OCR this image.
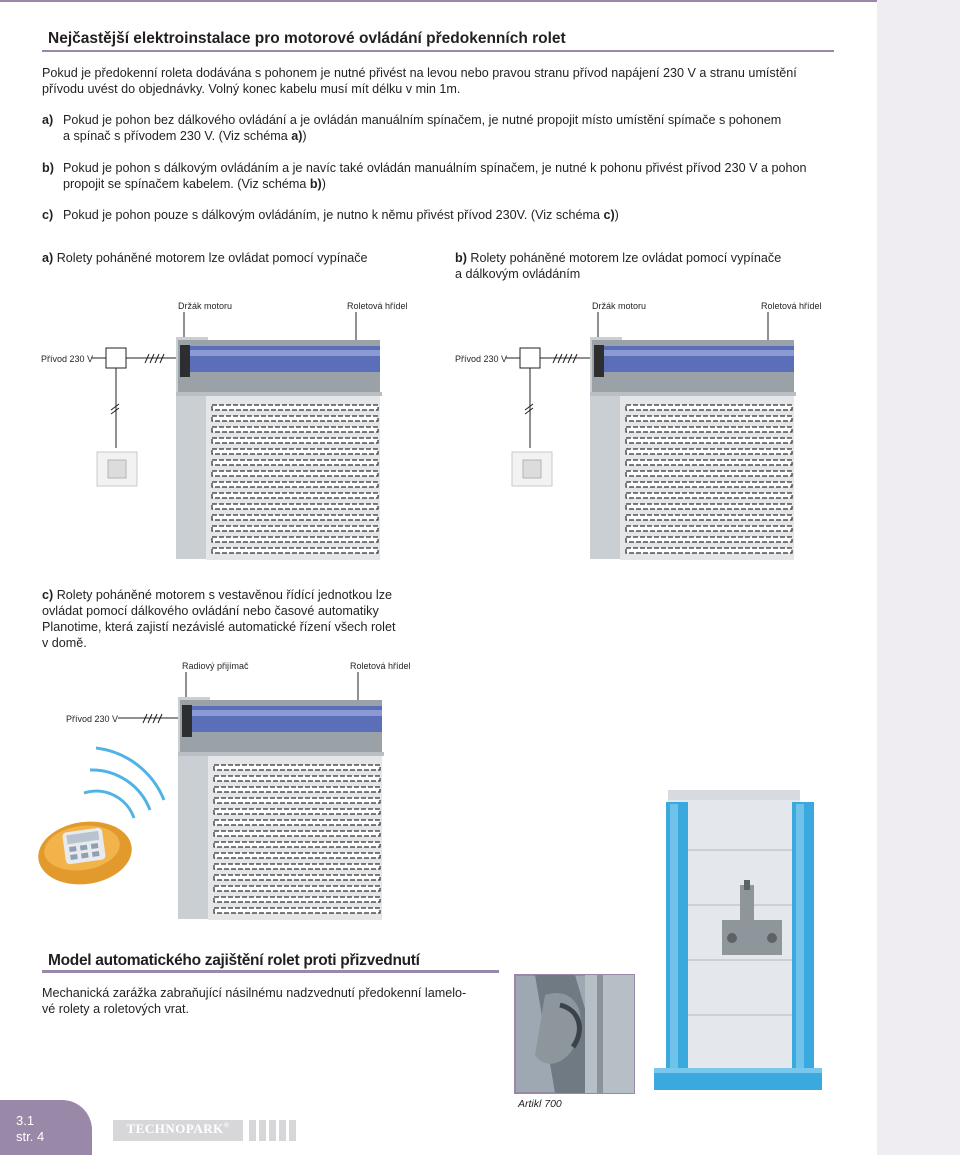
Nejčastější elektroinstalace pro motorové ovládání předokenních rolet
Pokud je předokenní roleta dodávána s pohonem je nutné přivést na levou nebo pravou stranu přívod napájení 230 V a stranu umístění
přívodu uvést do objednávky. Volný konec kabelu musí mít délku v min 1m.
a) Pokud je pohon bez dálkového ovládání a je ovládán manuálním spínačem, je nutné propojit místo umístění spímače s pohonem
a spínač s přívodem 230 V. (Viz schéma a))
b) Pokud je pohon s dálkovým ovládáním a je navíc také ovládán manuálním spínačem, je nutné k pohonu přivést přívod 230 V a pohon
propojit se spínačem kabelem. (Viz schéma b))
c) Pokud je pohon pouze s dálkovým ovládáním, je nutno k němu přivést přívod 230V. (Viz schéma c))
a) Rolety poháněné motorem lze ovládat pomocí vypínače	b) Rolety poháněné motorem lze ovládat pomocí vypínače
a dálkovým ovládáním
Držák motoru	Roletová hřídel
Přívod 230 V
Držák motoru	Roletová hřídel
Přívod 230 V
c) Rolety poháněné motorem s vestavěnou řídící jednotkou lze
ovládat pomocí dálkového ovládání nebo časové automatiky
Planotime, která zajistí nezávislé automatické řízení všech rolet
v domě.
Radiový přijímač	Roletová hřídel
Přívod 230 V
Model automatického zajištění rolet proti přizvednutí
Mechanická zarážka zabraňující násilnému nadzvednutí předokenní lamelo-
vé rolety a roletových vrat.
Artikl 700
3.1
str. 4
TECHNOPARK®
